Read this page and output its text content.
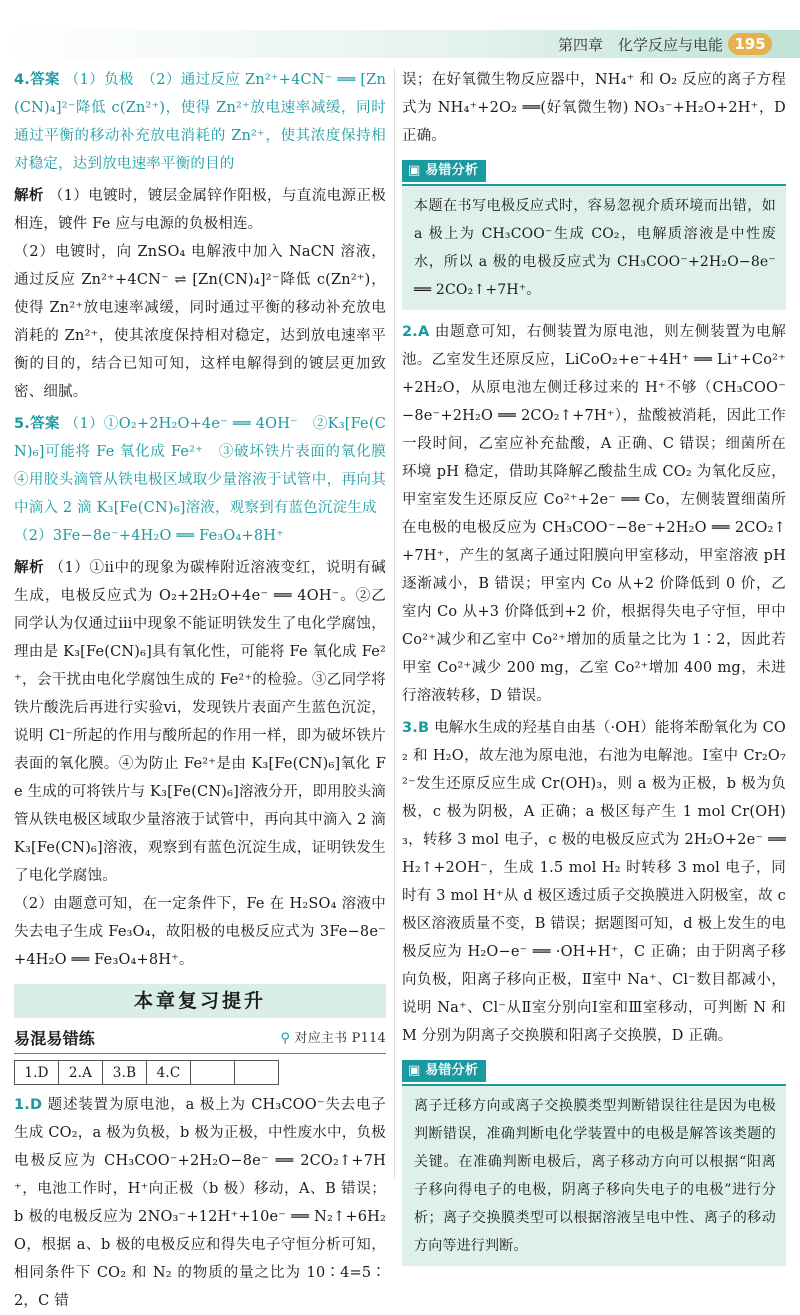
第四章　化学反应与电能 195
4.答案 （1）负极　（2）通过反应 Zn²⁺+4CN⁻ ══ [Zn(CN)₄]²⁻降低 c(Zn²⁺)，使得 Zn²⁺放电速率减缓，同时通过平衡的移动补充放电消耗的 Zn²⁺，使其浓度保持相对稳定，达到放电速率平衡的目的
解析 （1）电镀时，镀层金属锌作阳极，与直流电源正极相连，镀件 Fe 应与电源的负极相连。
（2）电镀时，向 ZnSO₄ 电解液中加入 NaCN 溶液，通过反应 Zn²⁺+4CN⁻ ⇌ [Zn(CN)₄]²⁻降低 c(Zn²⁺)，使得 Zn²⁺放电速率减缓，同时通过平衡的移动补充放电消耗的 Zn²⁺，使其浓度保持相对稳定，达到放电速率平衡的目的，结合已知可知，这样电解得到的镀层更加致密、细腻。
5.答案 （1）①O₂+2H₂O+4e⁻ ══ 4OH⁻　②K₃[Fe(CN)₆]可能将 Fe 氧化成 Fe²⁺　③破坏铁片表面的氧化膜　④用胶头滴管从铁电极区域取少量溶液于试管中，再向其中滴入 2 滴 K₃[Fe(CN)₆]溶液，观察到有蓝色沉淀生成
（2）3Fe−8e⁻+4H₂O ══ Fe₃O₄+8H⁺
解析 （1）①ⅱ中的现象为碳棒附近溶液变红，说明有碱生成，电极反应式为 O₂+2H₂O+4e⁻ ══ 4OH⁻。②乙同学认为仅通过ⅲ中现象不能证明铁发生了电化学腐蚀，理由是 K₃[Fe(CN)₆]具有氧化性，可能将 Fe 氧化成 Fe²⁺，会干扰由电化学腐蚀生成的 Fe²⁺的检验。③乙同学将铁片酸洗后再进行实验ⅵ，发现铁片表面产生蓝色沉淀，说明 Cl⁻所起的作用与酸所起的作用一样，即为破坏铁片表面的氧化膜。④为防止 Fe²⁺是由 K₃[Fe(CN)₆]氧化 Fe 生成的可将铁片与 K₃[Fe(CN)₆]溶液分开，即用胶头滴管从铁电极区域取少量溶液于试管中，再向其中滴入 2 滴 K₃[Fe(CN)₆]溶液，观察到有蓝色沉淀生成，证明铁发生了电化学腐蚀。
（2）由题意可知，在一定条件下，Fe 在 H₂SO₄ 溶液中失去电子生成 Fe₃O₄，故阳极的电极反应式为 3Fe−8e⁻+4H₂O ══ Fe₃O₄+8H⁺。
本章复习提升
易混易错练	⚲ 对应主书 P114
1.D	2.A	3.B	4.C		
1.D 题述装置为原电池，a 极上为 CH₃COO⁻失去电子生成 CO₂，a 极为负极，b 极为正极，中性废水中，负极电极反应为 CH₃COO⁻+2H₂O−8e⁻ ══ 2CO₂↑+7H⁺，电池工作时，H⁺向正极（b 极）移动，A、B 错误；b 极的电极反应为 2NO₃⁻+12H⁺+10e⁻ ══ N₂↑+6H₂O，根据 a、b 极的电极反应和得失电子守恒分析可知，相同条件下 CO₂ 和 N₂ 的物质的量之比为 10∶4=5∶2，C 错
误；在好氧微生物反应器中，NH₄⁺ 和 O₂ 反应的离子方程式为 NH₄⁺+2O₂ ══(好氧微生物) NO₃⁻+H₂O+2H⁺，D 正确。
▣ 易错分析
本题在书写电极反应式时，容易忽视介质环境而出错，如 a 极上为 CH₃COO⁻生成 CO₂，电解质溶液是中性废水，所以 a 极的电极反应式为 CH₃COO⁻+2H₂O−8e⁻ ══ 2CO₂↑+7H⁺。
2.A 由题意可知，右侧装置为原电池，则左侧装置为电解池。乙室发生还原反应，LiCoO₂+e⁻+4H⁺ ══ Li⁺+Co²⁺+2H₂O，从原电池左侧迁移过来的 H⁺不够（CH₃COO⁻−8e⁻+2H₂O ══ 2CO₂↑+7H⁺），盐酸被消耗，因此工作一段时间，乙室应补充盐酸，A 正确、C 错误；细菌所在环境 pH 稳定，借助其降解乙酸盐生成 CO₂ 为氧化反应，甲室室发生还原反应 Co²⁺+2e⁻ ══ Co，左侧装置细菌所在电极的电极反应为 CH₃COO⁻−8e⁻+2H₂O ══ 2CO₂↑+7H⁺，产生的氢离子通过阳膜向甲室移动，甲室溶液 pH 逐渐减小，B 错误；甲室内 Co 从+2 价降低到 0 价，乙室内 Co 从+3 价降低到+2 价，根据得失电子守恒，甲中 Co²⁺减少和乙室中 Co²⁺增加的质量之比为 1∶2，因此若甲室 Co²⁺减少 200 mg，乙室 Co²⁺增加 400 mg，未进行溶液转移，D 错误。
3.B 电解水生成的羟基自由基（·OH）能将苯酚氧化为 CO₂ 和 H₂O，故左池为原电池，右池为电解池。Ⅰ室中 Cr₂O₇²⁻发生还原反应生成 Cr(OH)₃，则 a 极为正极，b 极为负极，c 极为阴极，A 正确；a 极区每产生 1 mol Cr(OH)₃，转移 3 mol 电子，c 极的电极反应式为 2H₂O+2e⁻ ══ H₂↑+2OH⁻，生成 1.5 mol H₂ 时转移 3 mol 电子，同时有 3 mol H⁺从 d 极区透过质子交换膜进入阴极室，故 c 极区溶液质量不变，B 错误；据题图可知，d 极上发生的电极反应为 H₂O−e⁻ ══ ·OH+H⁺，C 正确；由于阴离子移向负极，阳离子移向正极，Ⅱ室中 Na⁺、Cl⁻数目都减小，说明 Na⁺、Cl⁻从Ⅱ室分别向Ⅰ室和Ⅲ室移动，可判断 N 和 M 分别为阴离子交换膜和阳离子交换膜，D 正确。
▣ 易错分析
离子迁移方向或离子交换膜类型判断错误往往是因为电极判断错误，准确判断电化学装置中的电极是解答该类题的关键。在准确判断电极后，离子移动方向可以根据“阳离子移向得电子的电极，阴离子移向失电子的电极”进行分析；离子交换膜类型可以根据溶液呈电中性、离子的移动方向等进行判断。
